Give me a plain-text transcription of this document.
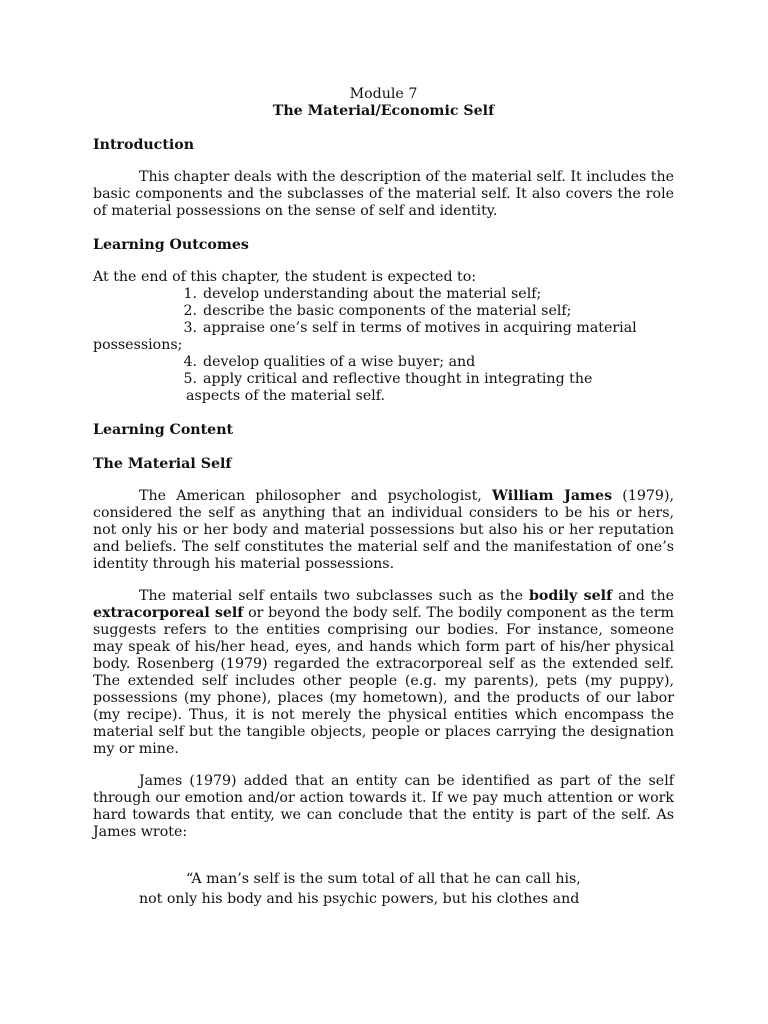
Module 7
The Material/Economic Self
Introduction

This chapter deals with the description of the material self. It includes the basic components and the subclasses of the material self. It also covers the role of material possessions on the sense of self and identity.

Learning Outcomes

At the end of this chapter, the student is expected to:

1. develop understanding about the material self;
2. describe the basic components of the material self;
3. appraise one’s self in terms of motives in acquiring material
possessions;
4. develop qualities of a wise buyer; and
5. apply critical and reflective thought in integrating the
aspects of the material self.
Learning Content
The Material Self

The American philosopher and psychologist, William James (1979), considered the self as anything that an individual considers to be his or hers, not only his or her body and material possessions but also his or her reputation and beliefs. The self constitutes the material self and the manifestation of one’s identity through his material possessions.

The material self entails two subclasses such as the bodily self and the extracorporeal self or beyond the body self. The bodily component as the term suggests refers to the entities comprising our bodies. For instance, someone may speak of his/her head, eyes, and hands which form part of his/her physical body. Rosenberg (1979) regarded the extracorporeal self as the extended self. The extended self includes other people (e.g. my parents), pets (my puppy), possessions (my phone), places (my hometown), and the products of our labor (my recipe). Thus, it is not merely the physical entities which encompass the material self but the tangible objects, people or places carrying the designation my or mine.

James (1979) added that an entity can be identified as part of the self through our emotion and/or action towards it. If we pay much attention or work hard towards that entity, we can conclude that the entity is part of the self. As James wrote:

“A man’s self is the sum total of all that he can call his,
not only his body and his psychic powers, but his clothes and
